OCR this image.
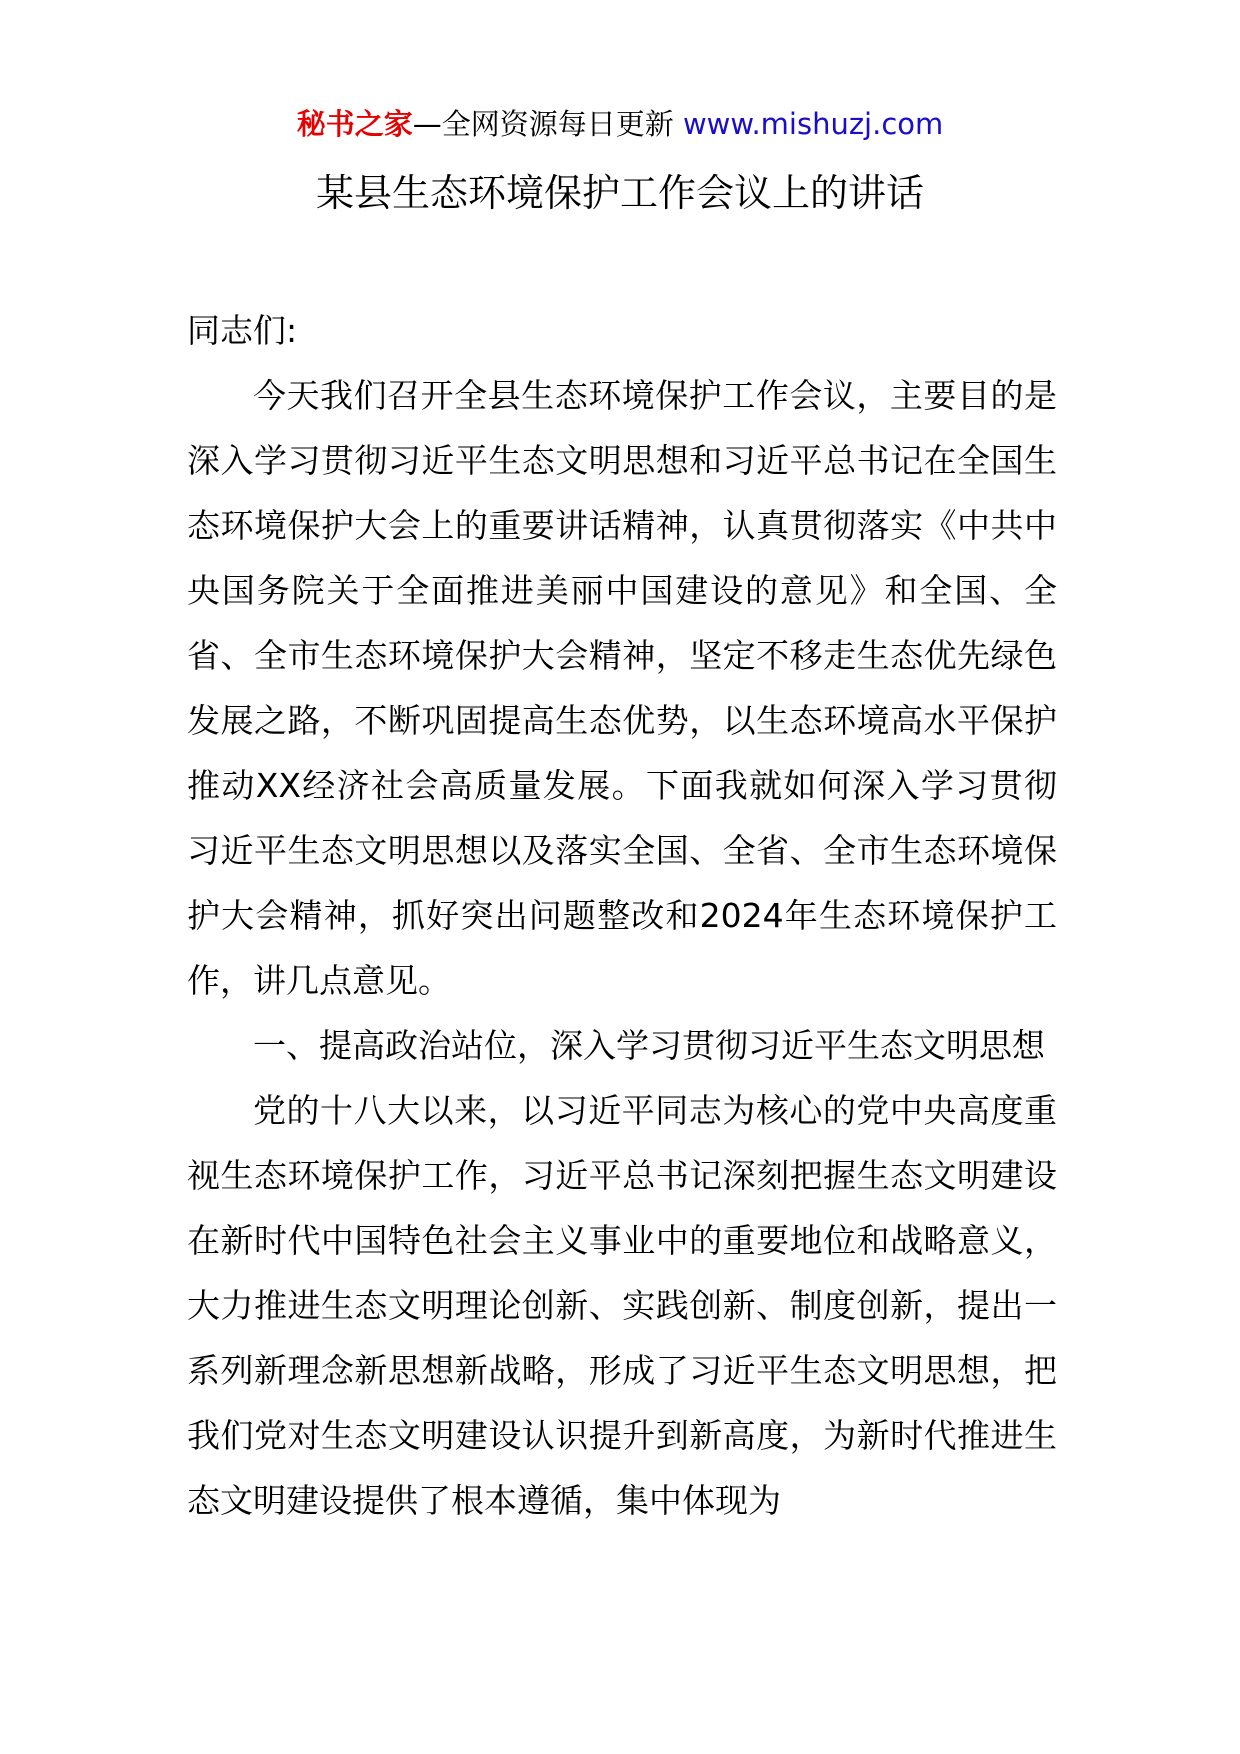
秘书之家—全网资源每日更新 www.mishuzj.com
某县生态环境保护工作会议上的讲话

同志们:

今天我们召开全县生态环境保护工作会议，主要目的是深入学习贯彻习近平生态文明思想和习近平总书记在全国生态环境保护大会上的重要讲话精神，认真贯彻落实《中共中央国务院关于全面推进美丽中国建设的意见》和全国、全省、全市生态环境保护大会精神，坚定不移走生态优先绿色发展之路，不断巩固提高生态优势，以生态环境高水平保护推动XX经济社会高质量发展。下面我就如何深入学习贯彻习近平生态文明思想以及落实全国、全省、全市生态环境保护大会精神，抓好突出问题整改和2024年生态环境保护工作，讲几点意见。

一、提高政治站位，深入学习贯彻习近平生态文明思想

党的十八大以来，以习近平同志为核心的党中央高度重视生态环境保护工作，习近平总书记深刻把握生态文明建设在新时代中国特色社会主义事业中的重要地位和战略意义，大力推进生态文明理论创新、实践创新、制度创新，提出一系列新理念新思想新战略，形成了习近平生态文明思想，把我们党对生态文明建设认识提升到新高度，为新时代推进生态文明建设提供了根本遵循，集中体现为
